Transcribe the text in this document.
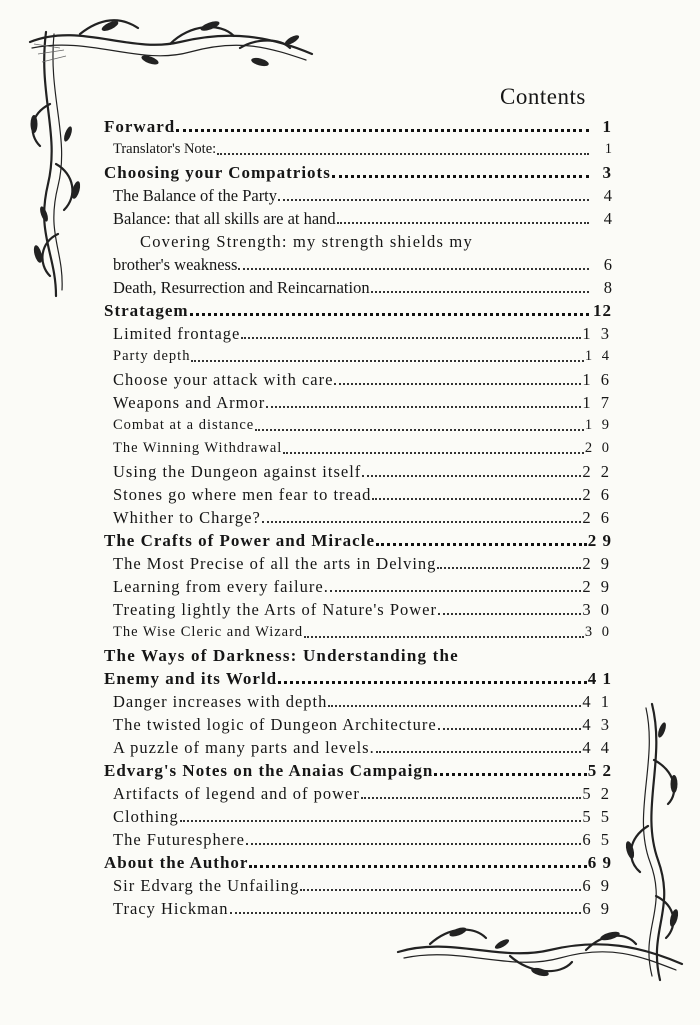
Contents
Forward	1
Translator's Note:	1
Choosing your Compatriots	3
The Balance of the Party	4
Balance: that all skills are at hand	4
Covering Strength: my strength shields my
brother's weakness	6
Death, Resurrection and Reincarnation	8
Stratagem	12
Limited frontage	1 3
Party depth	1 4
Choose your attack with care	1 6
Weapons and Armor	1 7
Combat at a distance	1 9
The Winning Withdrawal	2 0
Using the Dungeon against itself	2 2
Stones go where men fear to tread	2 6
Whither to Charge?	2 6
The Crafts of Power and Miracle	2 9
The Most Precise of all the arts in Delving	2 9
Learning from every failure.	2 9
Treating lightly the Arts of Nature's Power	3 0
The Wise Cleric and Wizard	3 0
The Ways of Darkness: Understanding the
Enemy and its World	4 1
Danger increases with depth	4 1
The twisted logic of Dungeon Architecture	4 3
A puzzle of many parts and levels.	4 4
Edvarg's Notes on the Anaias Campaign	5 2
Artifacts of legend and of power	5 2
Clothing	5 5
The Futuresphere	6 5
About the Author	6 9
Sir Edvarg the Unfailing	6 9
Tracy Hickman	6 9
